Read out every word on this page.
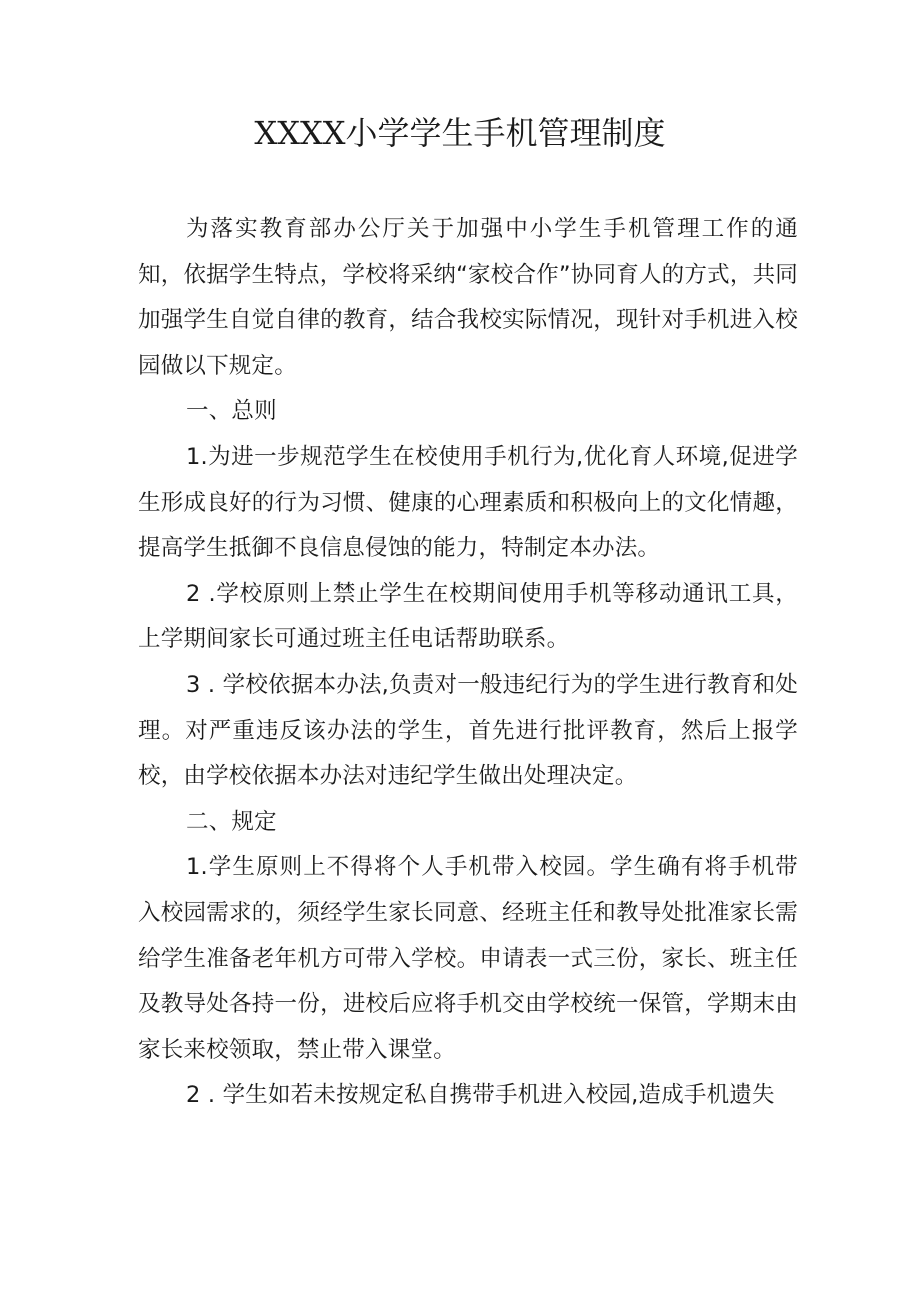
XXXX小学学生手机管理制度

为落实教育部办公厅关于加强中小学生手机管理工作的通知，依据学生特点，学校将采纳“家校合作”协同育人的方式，共同加强学生自觉自律的教育，结合我校实际情况，现针对手机进入校园做以下规定。

一、总则

1.为进一步规范学生在校使用手机行为,优化育人环境,促进学生形成良好的行为习惯、健康的心理素质和积极向上的文化情趣，提高学生抵御不良信息侵蚀的能力，特制定本办法。

2 .学校原则上禁止学生在校期间使用手机等移动通讯工具，上学期间家长可通过班主任电话帮助联系。

3 . 学校依据本办法,负责对一般违纪行为的学生进行教育和处理。对严重违反该办法的学生，首先进行批评教育，然后上报学校，由学校依据本办法对违纪学生做出处理决定。

二、规定

1.学生原则上不得将个人手机带入校园。学生确有将手机带入校园需求的，须经学生家长同意、经班主任和教导处批准家长需给学生准备老年机方可带入学校。申请表一式三份，家长、班主任及教导处各持一份，进校后应将手机交由学校统一保管，学期末由家长来校领取，禁止带入课堂。

2 . 学生如若未按规定私自携带手机进入校园,造成手机遗失
